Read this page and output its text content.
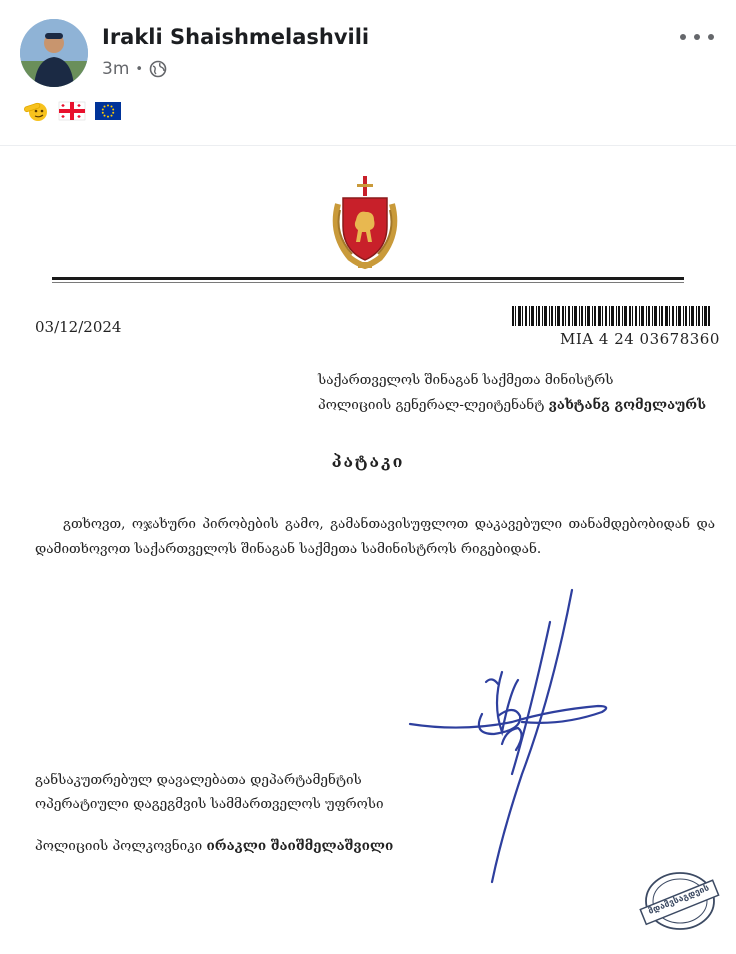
Irakli Shaishmelashvili
3m •
03/12/2024
MIA 4 24 03678360
საქართველოს შინაგან საქმეთა მინისტრს
პოლიციის გენერალ-ლეიტენანტ ვახტანგ გომელაურს
პატაკი
გთხოვთ, ოჯახური პირობების გამო, გამანთავისუფლოთ დაკავებული თანამდებობიდან და დამითხოვოთ საქართველოს შინაგან საქმეთა სამინისტროს რიგებიდან.
განსაკუთრებულ დავალებათა დეპარტამენტის
ოპერატიული დაგეგმვის სამმართველოს უფროსი
პოლიციის პოლკოვნიკი ირაკლი შაიშმელაშვილი
მდამვსაგდეის
